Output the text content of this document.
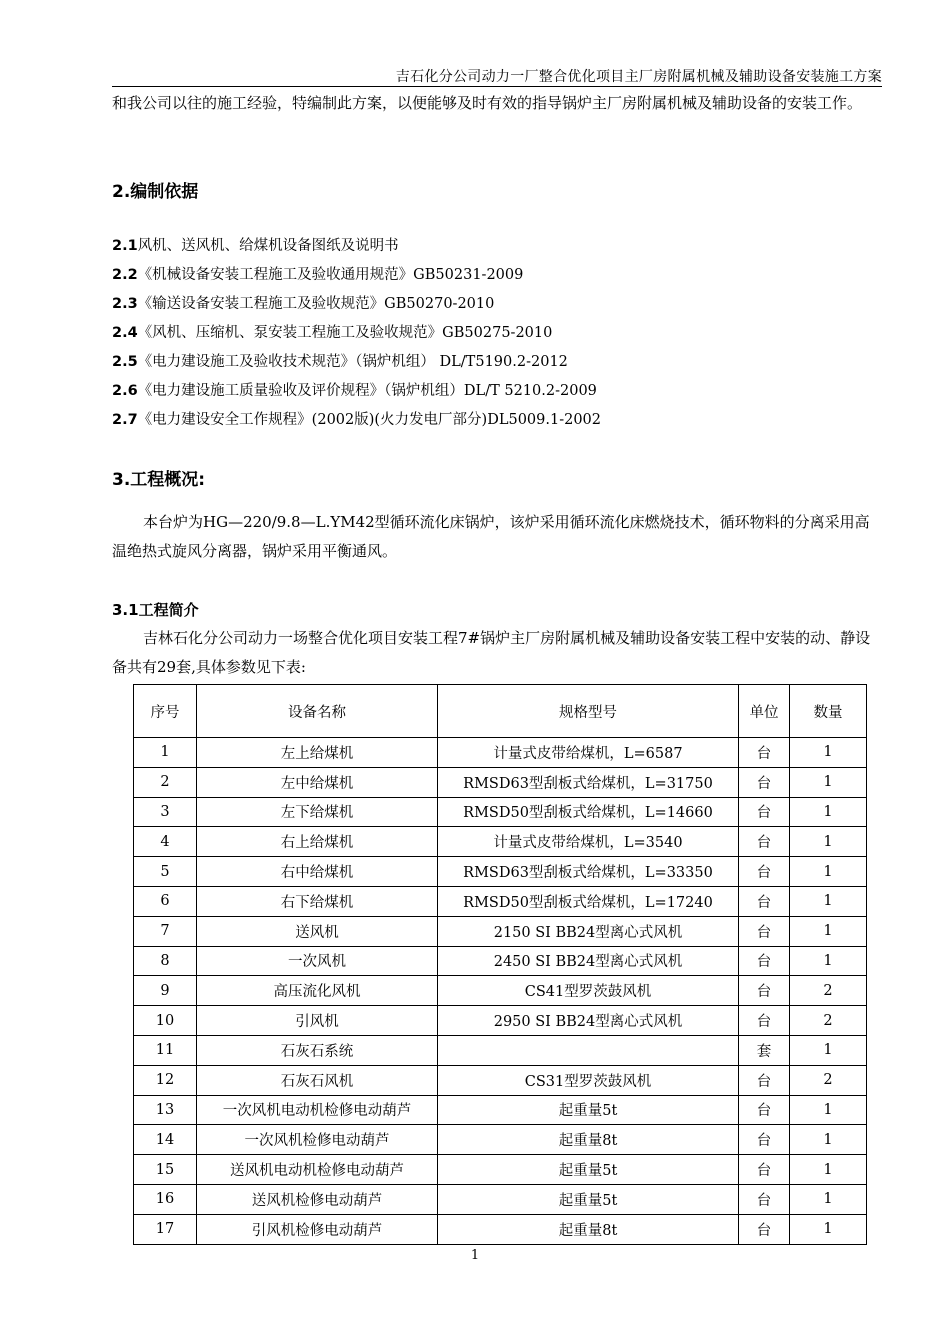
吉石化分公司动力一厂整合优化项目主厂房附属机械及辅助设备安装施工方案

和我公司以往的施工经验，特编制此方案，以便能够及时有效的指导锅炉主厂房附属机械及辅助设备的安装工作。

2.编制依据
2.1风机、送风机、给煤机设备图纸及说明书
2.2《机械设备安装工程施工及验收通用规范》GB50231-2009
2.3《输送设备安装工程施工及验收规范》GB50270-2010
2.4《风机、压缩机、泵安装工程施工及验收规范》GB50275-2010
2.5《电力建设施工及验收技术规范》（锅炉机组） DL/T5190.2-2012
2.6《电力建设施工质量验收及评价规程》（锅炉机组）DL/T 5210.2-2009
2.7《电力建设安全工作规程》(2002版)(火力发电厂部分)DL5009.1-2002
3.工程概况:

本台炉为HG—220/9.8—L.YM42型循环流化床锅炉，该炉采用循环流化床燃烧技术，循环物料的分离采用高温绝热式旋风分离器，锅炉采用平衡通风。

3.1工程简介

吉林石化分公司动力一场整合优化项目安装工程7#锅炉主厂房附属机械及辅助设备安装工程中安装的动、静设备共有29套,具体参数见下表:

序号	设备名称	规格型号	单位	数量
1	左上给煤机	计量式皮带给煤机，L=6587	台	1
2	左中给煤机	RMSD63型刮板式给煤机，L=31750	台	1
3	左下给煤机	RMSD50型刮板式给煤机，L=14660	台	1
4	右上给煤机	计量式皮带给煤机，L=3540	台	1
5	右中给煤机	RMSD63型刮板式给煤机，L=33350	台	1
6	右下给煤机	RMSD50型刮板式给煤机，L=17240	台	1
7	送风机	2150 SI BB24型离心式风机	台	1
8	一次风机	2450 SI BB24型离心式风机	台	1
9	高压流化风机	CS41型罗茨鼓风机	台	2
10	引风机	2950 SI BB24型离心式风机	台	2
11	石灰石系统		套	1
12	石灰石风机	CS31型罗茨鼓风机	台	2
13	一次风机电动机检修电动葫芦	起重量5t	台	1
14	一次风机检修电动葫芦	起重量8t	台	1
15	送风机电动机检修电动葫芦	起重量5t	台	1
16	送风机检修电动葫芦	起重量5t	台	1
17	引风机检修电动葫芦	起重量8t	台	1
1
